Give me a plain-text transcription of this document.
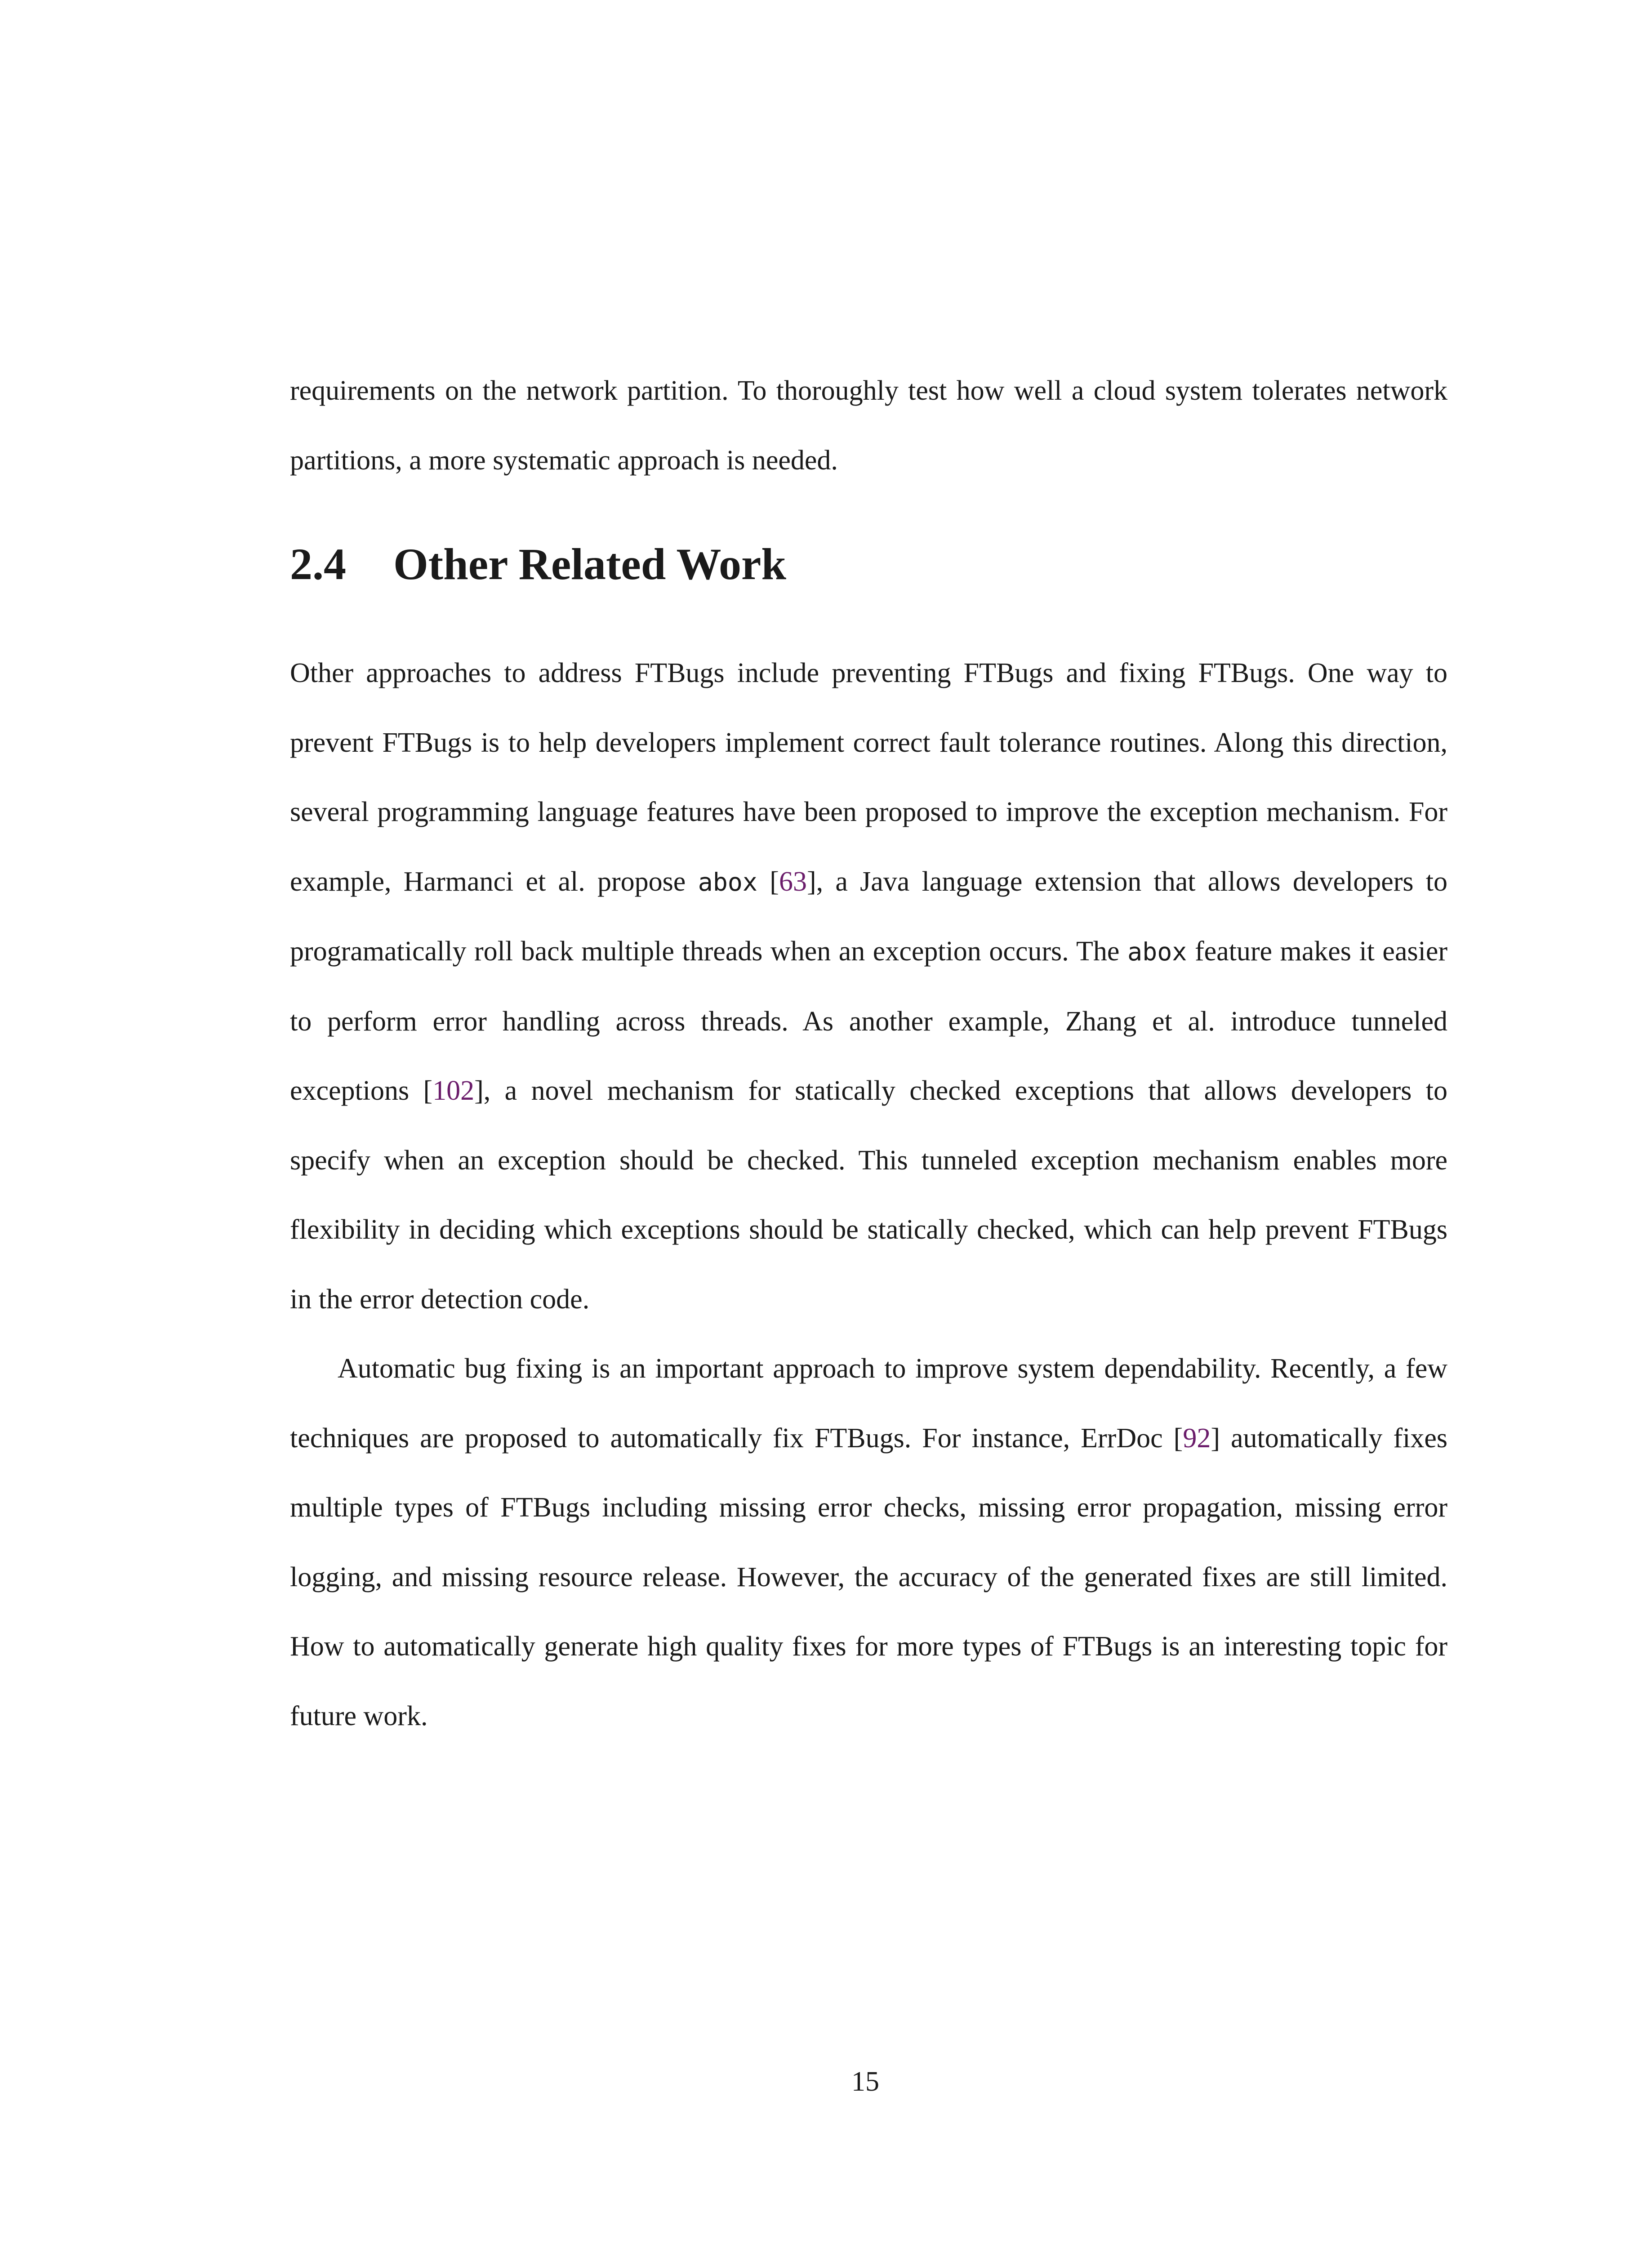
requirements on the network partition. To thoroughly test how well a cloud system tolerates network partitions, a more systematic approach is needed.
2.4 Other Related Work

Other approaches to address FTBugs include preventing FTBugs and fixing FTBugs. One way to prevent FTBugs is to help developers implement correct fault tolerance routines. Along this direction, several programming language features have been proposed to improve the exception mechanism. For example, Harmanci et al. propose abox [63], a Java language extension that allows developers to programatically roll back multiple threads when an exception occurs. The abox feature makes it easier to perform error handling across threads. As another example, Zhang et al. introduce tunneled exceptions [102], a novel mechanism for statically checked exceptions that allows developers to specify when an exception should be checked. This tunneled exception mechanism enables more flexibility in deciding which exceptions should be statically checked, which can help prevent FTBugs in the error detection code.

Automatic bug fixing is an important approach to improve system dependability. Recently, a few techniques are proposed to automatically fix FTBugs. For instance, ErrDoc [92] automatically fixes multiple types of FTBugs including missing error checks, missing error propagation, missing error logging, and missing resource release. However, the accuracy of the generated fixes are still limited. How to automatically generate high quality fixes for more types of FTBugs is an interesting topic for future work.

15
